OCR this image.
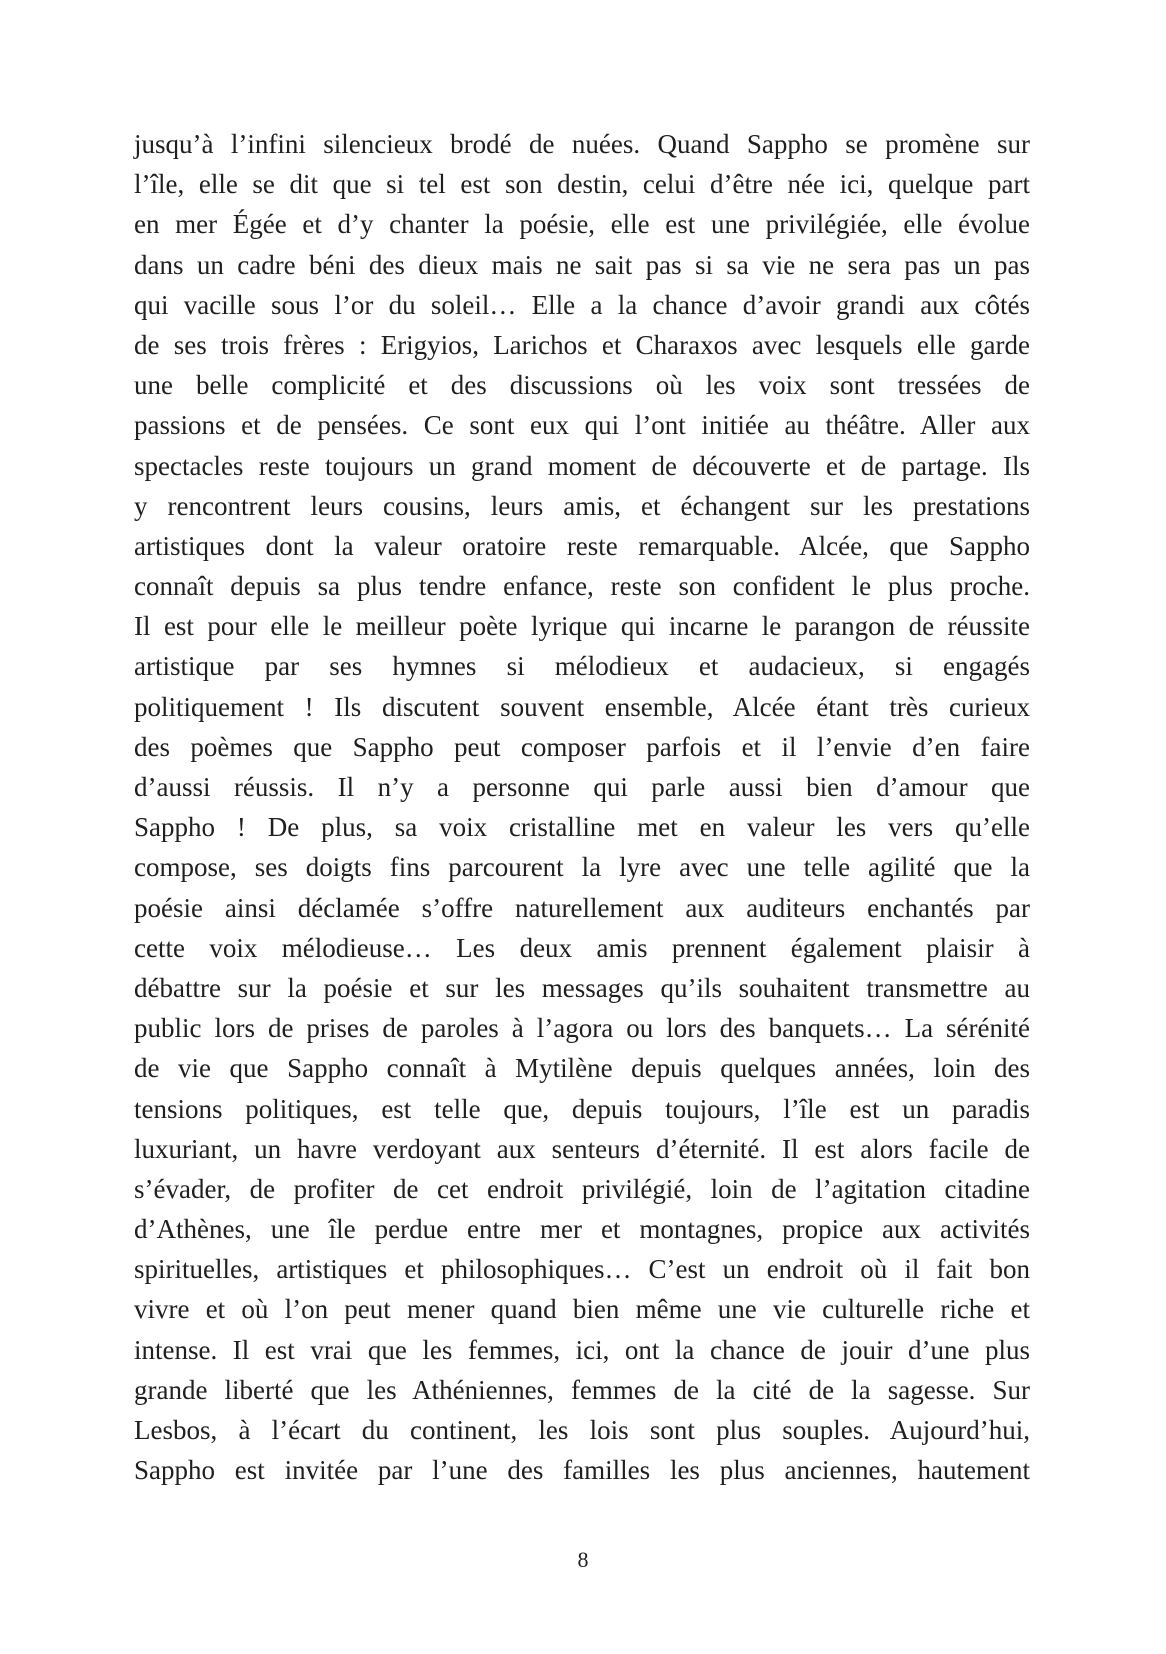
jusqu’à l’infini silencieux brodé de nuées. Quand Sappho se promène sur
l’île, elle se dit que si tel est son destin, celui d’être née ici, quelque part
en mer Égée et d’y chanter la poésie, elle est une privilégiée, elle évolue
dans un cadre béni des dieux mais ne sait pas si sa vie ne sera pas un pas
qui vacille sous l’or du soleil… Elle a la chance d’avoir grandi aux côtés
de ses trois frères : Erigyios, Larichos et Charaxos avec lesquels elle garde
une belle complicité et des discussions où les voix sont tressées de
passions et de pensées. Ce sont eux qui l’ont initiée au théâtre. Aller aux
spectacles reste toujours un grand moment de découverte et de partage. Ils
y rencontrent leurs cousins, leurs amis, et échangent sur les prestations
artistiques dont la valeur oratoire reste remarquable. Alcée, que Sappho
connaît depuis sa plus tendre enfance, reste son confident le plus proche.
Il est pour elle le meilleur poète lyrique qui incarne le parangon de réussite
artistique par ses hymnes si mélodieux et audacieux, si engagés
politiquement ! Ils discutent souvent ensemble, Alcée étant très curieux
des poèmes que Sappho peut composer parfois et il l’envie d’en faire
d’aussi réussis. Il n’y a personne qui parle aussi bien d’amour que
Sappho ! De plus, sa voix cristalline met en valeur les vers qu’elle
compose, ses doigts fins parcourent la lyre avec une telle agilité que la
poésie ainsi déclamée s’offre naturellement aux auditeurs enchantés par
cette voix mélodieuse… Les deux amis prennent également plaisir à
débattre sur la poésie et sur les messages qu’ils souhaitent transmettre au
public lors de prises de paroles à l’agora ou lors des banquets… La sérénité
de vie que Sappho connaît à Mytilène depuis quelques années, loin des
tensions politiques, est telle que, depuis toujours, l’île est un paradis
luxuriant, un havre verdoyant aux senteurs d’éternité. Il est alors facile de
s’évader, de profiter de cet endroit privilégié, loin de l’agitation citadine
d’Athènes, une île perdue entre mer et montagnes, propice aux activités
spirituelles, artistiques et philosophiques… C’est un endroit où il fait bon
vivre et où l’on peut mener quand bien même une vie culturelle riche et
intense. Il est vrai que les femmes, ici, ont la chance de jouir d’une plus
grande liberté que les Athéniennes, femmes de la cité de la sagesse. Sur
Lesbos, à l’écart du continent, les lois sont plus souples. Aujourd’hui,
Sappho est invitée par l’une des familles les plus anciennes, hautement
8
